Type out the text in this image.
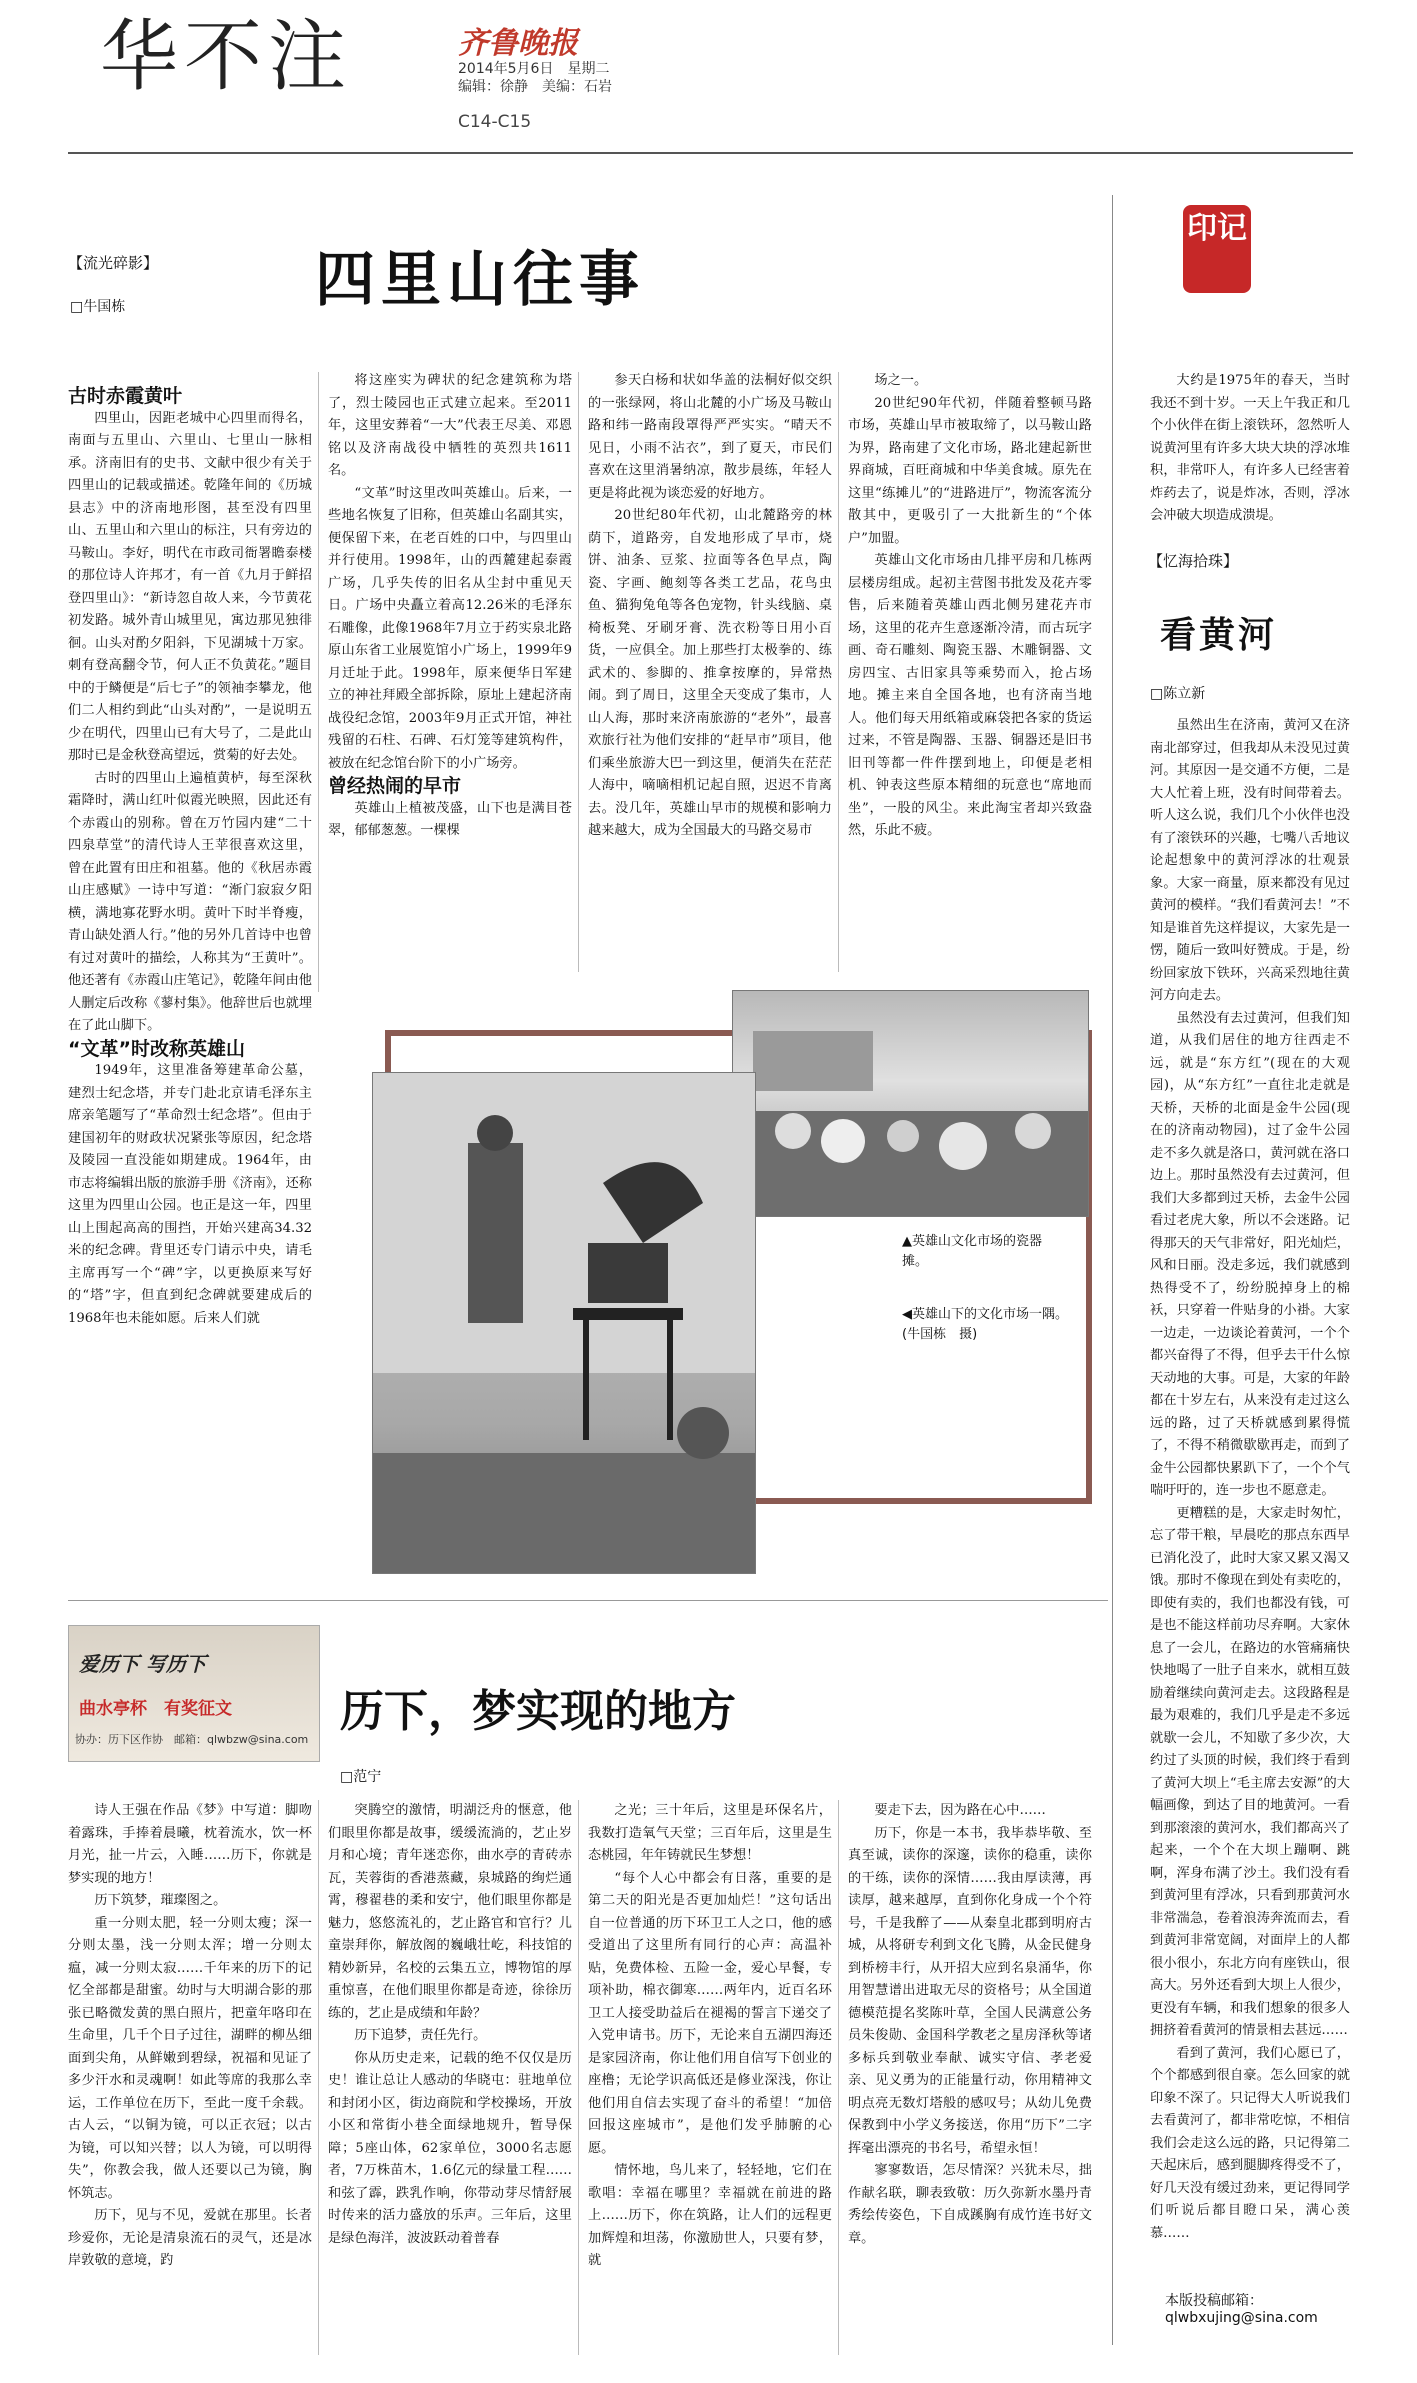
华不注	齐鲁晚报
2014年5月6日　星期二
编辑：徐静　美编：石岩
C14-C15
【流光碎影】
□牛国栋	四里山往事

古时赤霞黄叶

四里山，因距老城中心四里而得名，南面与五里山、六里山、七里山一脉相承。济南旧有的史书、文献中很少有关于四里山的记载或描述。乾隆年间的《历城县志》中的济南地形图，甚至没有四里山、五里山和六里山的标注，只有旁边的马鞍山。李好，明代在市政司衙署瞻泰楼的那位诗人许邦才，有一首《九月于鲜招登四里山》：“新诗忽自故人来，今节黄花初发路。城外青山城里见，寓边那见独徘徊。山头对酌夕阳斜，下见湖城十万家。刺有登高翻令节，何人正不负黄花。”题目中的于鳞便是“后七子”的领袖李攀龙，他们二人相约到此“山头对酌”，一是说明五少在明代，四里山已有大号了，二是此山那时已是金秋登高望远，赏菊的好去处。

古时的四里山上遍植黄栌，每至深秋霜降时，满山红叶似霞光映照，因此还有个赤霞山的别称。曾在万竹园内建“二十四泉草堂”的清代诗人王苹很喜欢这里，曾在此置有田庄和祖墓。他的《秋居赤霞山庄感赋》一诗中写道：“渐门寂寂夕阳横，满地寡花野水明。黄叶下时半脊瘦，青山缺处酒人行。”他的另外几首诗中也曾有过对黄叶的描绘，人称其为“王黄叶”。他还著有《赤霞山庄笔记》，乾隆年间由他人删定后改称《蓼村集》。他辞世后也就埋在了此山脚下。

“文革”时改称英雄山

1949年，这里准备筹建革命公墓，建烈士纪念塔，并专门赴北京请毛泽东主席亲笔题写了“革命烈士纪念塔”。但由于建国初年的财政状况紧张等原因，纪念塔及陵园一直没能如期建成。1964年，由市志将编辑出版的旅游手册《济南》，还称这里为四里山公园。也正是这一年，四里山上围起高高的围挡，开始兴建高34.32米的纪念碑。背里还专门请示中央，请毛主席再写一个“碑”字，以更换原来写好的“塔”字，但直到纪念碑就要建成后的1968年也未能如愿。后来人们就

将这座实为碑状的纪念建筑称为塔了，烈士陵园也正式建立起来。至2011年，这里安葬着“一大”代表王尽美、邓恩铭以及济南战役中牺牲的英烈共1611名。

“文革”时这里改叫英雄山。后来，一些地名恢复了旧称，但英雄山名副其实，便保留下来，在老百姓的口中，与四里山并行使用。1998年，山的西麓建起泰霞广场，几乎失传的旧名从尘封中重见天日。广场中央矗立着高12.26米的毛泽东石雕像，此像1968年7月立于药实泉北路原山东省工业展览馆小广场上，1999年9月迁址于此。1998年，原来便华日军建立的神社拜殿全部拆除，原址上建起济南战役纪念馆，2003年9月正式开馆，神社残留的石柱、石碑、石灯笼等建筑构件，被放在纪念馆台阶下的小广场旁。

曾经热闹的早市

英雄山上植被茂盛，山下也是满目苍翠，郁郁葱葱。一棵棵

参天白杨和状如华盖的法桐好似交织的一张绿网，将山北麓的小广场及马鞍山路和纬一路南段罩得严严实实。“晴天不见日，小雨不沾衣”，到了夏天，市民们喜欢在这里消暑纳凉，散步晨练，年轻人更是将此视为谈恋爱的好地方。

20世纪80年代初，山北麓路旁的林荫下，道路旁，自发地形成了早市，烧饼、油条、豆浆、拉面等各色早点，陶瓷、字画、鲍刻等各类工艺品，花鸟虫鱼、猫狗兔龟等各色宠物，针头线脑、桌椅板凳、牙刷牙膏、洗衣粉等日用小百货，一应俱全。加上那些打太极拳的、练武术的、参脚的、推拿按摩的，异常热闹。到了周日，这里全天变成了集市，人山人海，那时来济南旅游的“老外”，最喜欢旅行社为他们安排的“赶早市”项目，他们乘坐旅游大巴一到这里，便消失在茫茫人海中，嘀嘀相机记起自照，迟迟不肯离去。没几年，英雄山早市的规模和影响力越来越大，成为全国最大的马路交易市

场之一。

20世纪90年代初，伴随着整顿马路市场，英雄山早市被取缔了，以马鞍山路为界，路南建了文化市场，路北建起新世界商城，百旺商城和中华美食城。原先在这里“练摊儿”的“进路进厅”，物流客流分散其中，更吸引了一大批新生的“个体户”加盟。

英雄山文化市场由几排平房和几栋两层楼房组成。起初主营图书批发及花卉零售，后来随着英雄山西北侧另建花卉市场，这里的花卉生意逐渐冷清，而古玩字画、奇石雕刻、陶瓷玉器、木雕铜器、文房四宝、古旧家具等乘势而入，抢占场地。摊主来自全国各地，也有济南当地人。他们每天用纸箱或麻袋把各家的货运过来，不管是陶器、玉器、铜器还是旧书旧刊等都一件件摆到地上，印便是老相机、钟表这些原本精细的玩意也“席地而坐”，一股的风尘。来此淘宝者却兴致盎然，乐此不疲。

▲英雄山文化市场的瓷器摊。
◀英雄山下的文化市场一隅。(牛国栋　摄)
印记

大约是1975年的春天，当时我还不到十岁。一天上午我正和几个小伙伴在街上滚铁环，忽然听人说黄河里有许多大块大块的浮冰堆积，非常吓人，有许多人已经害着炸药去了，说是炸冰，否则，浮冰会冲破大坝造成溃堤。

【忆海拾珠】
看黄河
□陈立新

虽然出生在济南，黄河又在济南北部穿过，但我却从未没见过黄河。其原因一是交通不方便，二是大人忙着上班，没有时间带着去。听人这么说，我们几个小伙伴也没有了滚铁环的兴趣，七嘴八舌地议论起想象中的黄河浮冰的壮观景象。大家一商量，原来都没有见过黄河的模样。“我们看黄河去！”不知是谁首先这样提议，大家先是一愣，随后一致叫好赞成。于是，纷纷回家放下铁环，兴高采烈地往黄河方向走去。

虽然没有去过黄河，但我们知道，从我们居住的地方往西走不远，就是“东方红”(现在的大观园)，从“东方红”一直往北走就是天桥，天桥的北面是金牛公园(现在的济南动物园)，过了金牛公园走不多久就是洛口，黄河就在洛口边上。那时虽然没有去过黄河，但我们大多都到过天桥，去金牛公园看过老虎大象，所以不会迷路。记得那天的天气非常好，阳光灿烂，风和日丽。没走多远，我们就感到热得受不了，纷纷脱掉身上的棉袄，只穿着一件贴身的小褂。大家一边走，一边谈论着黄河，一个个都兴奋得了不得，但乎去干什么惊天动地的大事。可是，大家的年龄都在十岁左右，从来没有走过这么远的路，过了天桥就感到累得慌了，不得不稍微歇歇再走，而到了金牛公园都快累趴下了，一个个气喘吁吁的，连一步也不愿意走。

更糟糕的是，大家走时匆忙，忘了带干粮，早晨吃的那点东西早已消化没了，此时大家又累又渴又饿。那时不像现在到处有卖吃的，即使有卖的，我们也都没有钱，可是也不能这样前功尽弃啊。大家休息了一会儿，在路边的水管痛痛快快地喝了一肚子自来水，就相互鼓励着继续向黄河走去。这段路程是最为艰难的，我们几乎是走不多远就歇一会儿，不知歇了多少次，大约过了头顶的时候，我们终于看到了黄河大坝上“毛主席去安源”的大幅画像，到达了目的地黄河。一看到那滚滚的黄河水，我们都高兴了起来，一个个在大坝上蹦啊、跳啊，浑身布满了沙土。我们没有看到黄河里有浮冰，只看到那黄河水非常湍急，卷着浪涛奔流而去，看到黄河非常宽阔，对面岸上的人都很小很小，东北方向有座铁山，很高大。另外还看到大坝上人很少，更没有车辆，和我们想象的很多人拥挤着看黄河的情景相去甚远……

看到了黄河，我们心愿已了，个个都感到很自豪。怎么回家的就印象不深了。只记得大人听说我们去看黄河了，都非常吃惊，不相信我们会走这么远的路，只记得第二天起床后，感到腿脚疼得受不了，好几天没有缓过劲来，更记得同学们听说后都目瞪口呆，满心羡慕……

本版投稿邮箱：
qlwbxujing@sina.com
爱历下 写历下
曲水亭杯　有奖征文
协办：历下区作协　邮箱：qlwbzw@sina.com
历下，梦实现的地方
□范宁

诗人王强在作品《梦》中写道：脚吻着露珠，手捧着晨曦，枕着流水，饮一杯月光，扯一片云，入睡……历下，你就是梦实现的地方！

历下筑梦，璀璨图之。

重一分则太肥，轻一分则太瘦；深一分则太墨，浅一分则太浑；增一分则太瘟，减一分则太寂……千年来的历下的记忆全部都是甜蜜。幼时与大明湖合影的那张已略微发黄的黑白照片，把童年咯印在生命里，几千个日子过往，湖畔的柳丛细面到尖角，从鲜嫩到碧绿，祝福和见证了多少汗水和灵魂啊！如此等席的我那么幸运，工作单位在历下，至此一度千余载。古人云，“以铜为镜，可以正衣冠；以古为镜，可以知兴替；以人为镜，可以明得失”，你教会我，做人还要以己为镜，胸怀筑志。

历下，见与不见，爱就在那里。长者珍爱你，无论是清泉流石的灵气，还是冰岸敦敬的意境，趵

突腾空的激情，明湖泛舟的惬意，他们眼里你都是故事，缓缓流淌的，艺止岁月和心境；青年迷恋你，曲水亭的青砖赤瓦，芙蓉街的香港蒸藏，泉城路的绚烂通霄，穆翟巷的柔和安宁，他们眼里你都是魅力，悠悠流礼的，艺止路官和官行？儿童崇拜你，解放阁的巍峨壮屹，科技馆的精妙新异，名校的云集五立，博物馆的厚重惊喜，在他们眼里你都是奇迹，徐徐历练的，艺止是成绩和年龄？

历下追梦，责任先行。

你从历史走来，记载的绝不仅仅是历史！谁让总让人感动的华晓屯：驻地单位和封闭小区，街边商院和学校操场，开放小区和常街小巷全面绿地规升，暂导保障；5座山体，62家单位，3000名志愿者，7万株苗木，1.6亿元的绿量工程……和弦了霹，跌乳作响，你带动芽尽情舒展时传来的活力盛放的乐声。三年后，这里是绿色海洋，波波跃动着普春

之光；三十年后，这里是环保名片，我数打造氧气天堂；三百年后，这里是生态桃园，年年铸就民生梦想！

“每个人心中都会有日落，重要的是第二天的阳光是否更加灿烂！”这句话出自一位普通的历下环卫工人之口，他的感受道出了这里所有同行的心声：高温补贴，免费体检、五险一金，爱心早餐，专项补助，棉衣御寒……两年内，近百名环卫工人接受助益后在褪褐的誓言下递交了入党申请书。历下，无论来自五湖四海还是家园济南，你让他们用自信写下创业的座橹；无论学识高低还是修业深浅，你让他们用自信去实现了奋斗的希望！“加倍回报这座城市”，是他们发乎肺腑的心愿。

情怀地，鸟儿来了，轻轻地，它们在歌唱：幸福在哪里？幸福就在前进的路上……历下，你在筑路，让人们的远程更加辉煌和坦荡，你激励世人，只要有梦，就

要走下去，因为路在心中……

历下，你是一本书，我毕恭毕敬、至真至诚，读你的深邃，读你的稳重，读你的干练，读你的深情……我由厚读薄，再读厚，越来越厚，直到你化身成一个个符号，千是我醉了——从秦皇北郡到明府古城，从将研专利到文化飞腾，从金民健身到桥榜丰行，从开招大应到名泉涌华，你用智慧谱出进取无尽的资格号；从全国道德模范提名奖陈叶草，全国人民满意公务员朱俊勋、金国科学教老之星房泽秋等诸多标兵到敬业奉献、诚实守信、孝老爱亲、见义勇为的正能量行动，你用精神文明点亮无数灯塔般的感叹号；从幼儿免费保教到中小学义务接送，你用“历下”二字挥毫出漂亮的书名号，希望永恒！

寥寥数语，怎尽情深？兴犹未尽，拙作献名联，聊表致敬：历久弥新水墨丹青秀绘传姿色，下自成蹊胸有成竹连书好文章。
